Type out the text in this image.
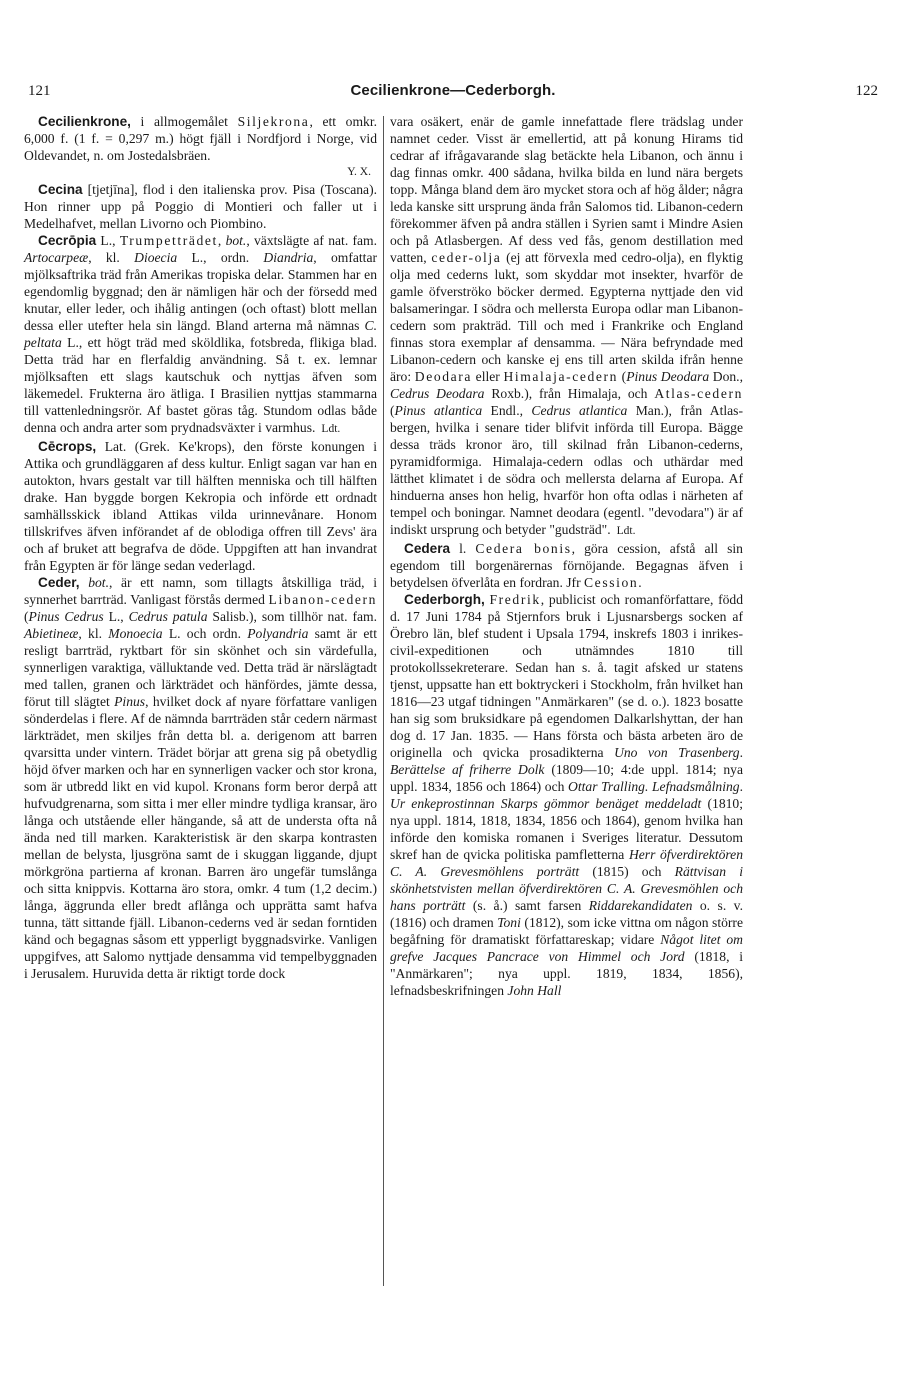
121	Cecilienkrone—Cederborgh.	122

Cecilienkrone, i allmogemålet Siljekrona, ett omkr. 6,000 f. (1 f. = 0,297 m.) högt fjäll i Nordfjord i Norge, vid Oldevandet, n. om Jostedalsbräen.
Y. X.

Cecina [tjetjīna], flod i den italienska prov. Pisa (Toscana). Hon rinner upp på Poggio di Montieri och faller ut i Medelhafvet, mellan Livorno och Piombino.

Cecrōpia L., Trumpetträdet, bot., växtslägte af nat. fam. Artocarpeæ, kl. Dioecia L., ordn. Diandria, omfattar mjölksaftrika träd från Amerikas tropiska delar. Stammen har en egendomlig byggnad; den är nämligen här och der försedd med knutar, eller leder, och ihålig antingen (och oftast) blott mellan dessa eller utefter hela sin längd. Bland arterna må nämnas C. peltata L., ett högt träd med sköldlika, fotsbreda, flikiga blad. Detta träd har en flerfaldig användning. Så t. ex. lemnar mjölksaften ett slags kautschuk och nyttjas äfven som läkemedel. Frukterna äro ätliga. I Brasilien nyttjas stammarna till vattenledningsrör. Af bastet göras tåg. Stundom odlas både denna och andra arter som prydnadsväxter i varmhus. Ldt.

Cēcrops, Lat. (Grek. Ke'krops), den förste konungen i Attika och grundläggaren af dess kultur. Enligt sagan var han en autokton, hvars gestalt var till hälften menniska och till hälften drake. Han byggde borgen Kekropia och införde ett ordnadt samhällsskick ibland Attikas vilda urinnevånare. Honom tillskrifves äfven införandet af de oblodiga offren till Zevs' ära och af bruket att begrafva de döde. Uppgiften att han invandrat från Egypten är för länge sedan vederlagd.

Ceder, bot., är ett namn, som tillagts åtskilliga träd, i synnerhet barrträd. Vanligast förstås dermed Libanon-cedern (Pinus Cedrus L., Cedrus patula Salisb.), som tillhör nat. fam. Abietineæ, kl. Monoecia L. och ordn. Polyandria samt är ett resligt barrträd, ryktbart för sin skönhet och sin värdefulla, synnerligen varaktiga, välluktande ved. Detta träd är närslägtadt med tallen, granen och lärkträdet och hänfördes, jämte dessa, förut till slägtet Pinus, hvilket dock af nyare författare vanligen sönderdelas i flere. Af de nämnda barrträden står cedern närmast lärkträdet, men skiljes från detta bl. a. derigenom att barren qvarsitta under vintern. Trädet börjar att grena sig på obetydlig höjd öfver marken och har en synnerligen vacker och stor krona, som är utbredd likt en vid kupol. Kronans form beror derpå att hufvudgrenarna, som sitta i mer eller mindre tydliga kransar, äro långa och utstående eller hängande, så att de understa ofta nå ända ned till marken. Karakteristisk är den skarpa kontrasten mellan de belysta, ljusgröna samt de i skuggan liggande, djupt mörkgröna partierna af kronan. Barren äro ungefär tumslånga och sitta knippvis. Kottarna äro stora, omkr. 4 tum (1,2 decim.) långa, äggrunda eller bredt aflånga och upprätta samt hafva tunna, tätt sittande fjäll. Libanon-cederns ved är sedan forntiden känd och begagnas såsom ett ypperligt byggnadsvirke. Vanligen uppgifves, att Salomo nyttjade densamma vid tempelbyggnaden i Jerusalem. Huruvida detta är riktigt torde dock

vara osäkert, enär de gamle innefattade flere trädslag under namnet ceder. Visst är emellertid, att på konung Hirams tid cedrar af ifrågavarande slag betäckte hela Libanon, och ännu i dag finnas omkr. 400 sådana, hvilka bilda en lund nära bergets topp. Många bland dem äro mycket stora och af hög ålder; några leda kanske sitt ursprung ända från Salomos tid. Libanon-cedern förekommer äfven på andra ställen i Syrien samt i Mindre Asien och på Atlasbergen. Af dess ved fås, genom destillation med vatten, ceder-olja (ej att förvexla med cedro-olja), en flyktig olja med cederns lukt, som skyddar mot insekter, hvarför de gamle öfverströko böcker dermed. Egypterna nyttjade den vid balsameringar. I södra och mellersta Europa odlar man Libanon-cedern som prakträd. Till och med i Frankrike och England finnas stora exemplar af densamma. — Nära befryndade med Libanon-cedern och kanske ej ens till arten skilda ifrån henne äro: Deodara eller Himalaja-cedern (Pinus Deodara Don., Cedrus Deodara Roxb.), från Himalaja, och Atlas-cedern (Pinus atlantica Endl., Cedrus atlantica Man.), från Atlas-bergen, hvilka i senare tider blifvit införda till Europa. Bägge dessa träds kronor äro, till skilnad från Libanon-cederns, pyramidformiga. Himalaja-cedern odlas och uthärdar med lätthet klimatet i de södra och mellersta delarna af Europa. Af hinduerna anses hon helig, hvarför hon ofta odlas i närheten af tempel och boningar. Namnet deodara (egentl. "devodara") är af indiskt ursprung och betyder "gudsträd". Ldt.

Cedera l. Cedera bonis, göra cession, afstå all sin egendom till borgenärernas förnöjande. Begagnas äfven i betydelsen öfverlåta en fordran. Jfr Cession.

Cederborgh, Fredrik, publicist och romanförfattare, född d. 17 Juni 1784 på Stjernfors bruk i Ljusnarsbergs socken af Örebro län, blef student i Upsala 1794, inskrefs 1803 i inrikes-civil-expeditionen och utnämndes 1810 till protokollssekreterare. Sedan han s. å. tagit afsked ur statens tjenst, uppsatte han ett boktryckeri i Stockholm, från hvilket han 1816—23 utgaf tidningen "Anmärkaren" (se d. o.). 1823 bosatte han sig som bruksidkare på egendomen Dalkarlshyttan, der han dog d. 17 Jan. 1835. — Hans första och bästa arbeten äro de originella och qvicka prosadikterna Uno von Trasenberg. Berättelse af friherre Dolk (1809—10; 4:de uppl. 1814; nya uppl. 1834, 1856 och 1864) och Ottar Tralling. Lefnadsmålning. Ur enkeprostinnan Skarps gömmor benäget meddeladt (1810; nya uppl. 1814, 1818, 1834, 1856 och 1864), genom hvilka han införde den komiska romanen i Sveriges literatur. Dessutom skref han de qvicka politiska pamfletterna Herr öfverdirektören C. A. Grevesmöhlens porträtt (1815) och Rättvisan i skönhetstvisten mellan öfverdirektören C. A. Grevesmöhlen och hans porträtt (s. å.) samt farsen Riddarekandidaten o. s. v. (1816) och dramen Toni (1812), som icke vittna om någon större begåfning för dramatiskt författareskap; vidare Något litet om grefve Jacques Pancrace von Himmel och Jord (1818, i "Anmärkaren"; nya uppl. 1819, 1834, 1856), lefnadsbeskrifningen John Hall
